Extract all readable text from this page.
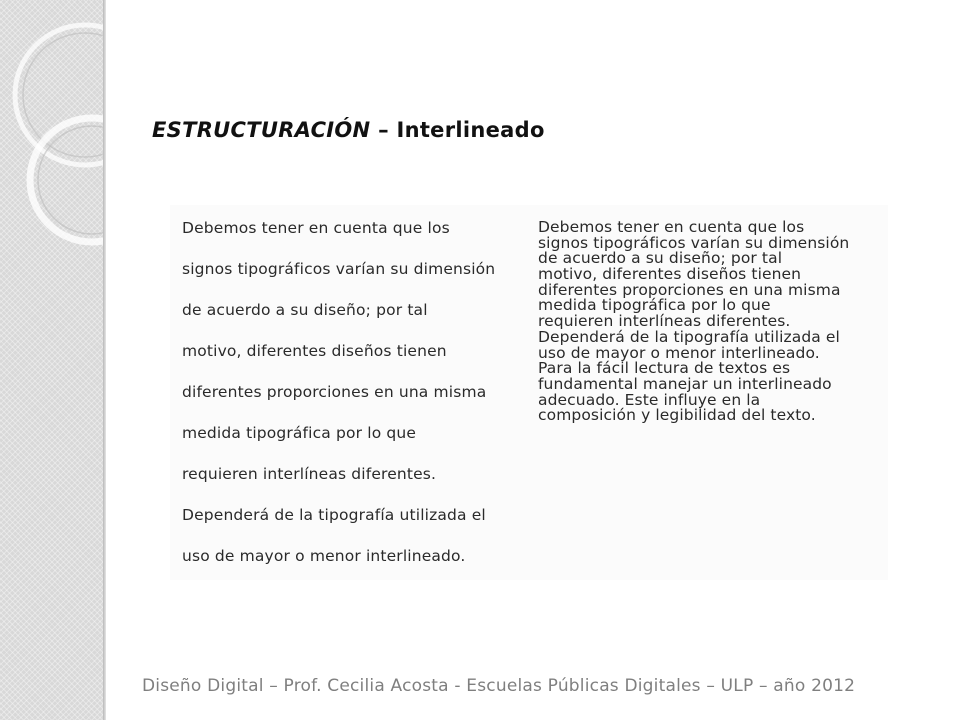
ESTRUCTURACIÓN – Interlineado
Debemos tener en cuenta que los
signos tipográficos varían su dimensión
de acuerdo a su diseño; por tal
motivo, diferentes diseños tienen
diferentes proporciones en una misma
medida tipográfica por lo que
requieren interlíneas diferentes.
Dependerá de la tipografía utilizada el
uso de mayor o menor interlineado.
Debemos tener en cuenta que los
signos tipográficos varían su dimensión
de acuerdo a su diseño; por tal
motivo, diferentes diseños tienen
diferentes proporciones en una misma
medida tipográfica por lo que
requieren interlíneas diferentes.
Dependerá de la tipografía utilizada el
uso de mayor o menor interlineado.
Para la fácil lectura de textos es
fundamental manejar un interlineado
adecuado. Este influye en la
composición y legibilidad del texto.
Diseño Digital – Prof. Cecilia Acosta - Escuelas Públicas Digitales – ULP – año 2012
